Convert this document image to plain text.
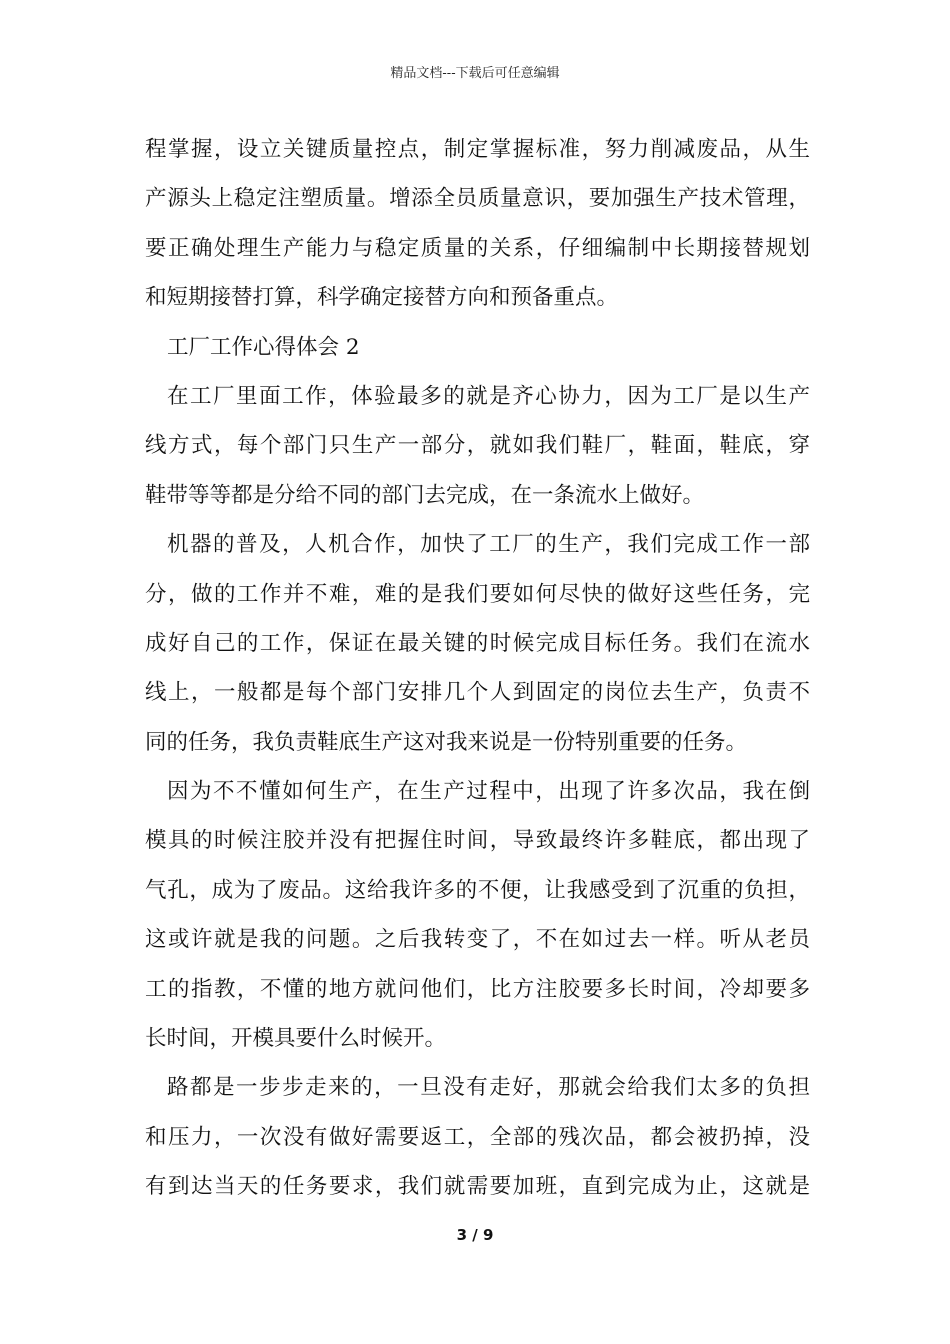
精品文档---下载后可任意编辑
程掌握，设立关键质量控点，制定掌握标准，努力削减废品，从生
产源头上稳定注塑质量。增添全员质量意识，要加强生产技术管理，
要正确处理生产能力与稳定质量的关系，仔细编制中长期接替规划
和短期接替打算，科学确定接替方向和预备重点。
工厂工作心得体会 2
在工厂里面工作，体验最多的就是齐心协力，因为工厂是以生产
线方式，每个部门只生产一部分，就如我们鞋厂，鞋面，鞋底，穿
鞋带等等都是分给不同的部门去完成，在一条流水上做好。
机器的普及，人机合作，加快了工厂的生产，我们完成工作一部
分，做的工作并不难，难的是我们要如何尽快的做好这些任务，完
成好自己的工作，保证在最关键的时候完成目标任务。我们在流水
线上，一般都是每个部门安排几个人到固定的岗位去生产，负责不
同的任务，我负责鞋底生产这对我来说是一份特别重要的任务。
因为不不懂如何生产，在生产过程中，出现了许多次品，我在倒
模具的时候注胶并没有把握住时间，导致最终许多鞋底，都出现了
气孔，成为了废品。这给我许多的不便，让我感受到了沉重的负担，
这或许就是我的问题。之后我转变了，不在如过去一样。听从老员
工的指教，不懂的地方就问他们，比方注胶要多长时间，冷却要多
长时间，开模具要什么时候开。
路都是一步步走来的，一旦没有走好，那就会给我们太多的负担
和压力，一次没有做好需要返工，全部的残次品，都会被扔掉，没
有到达当天的任务要求，我们就需要加班，直到完成为止，这就是
3 / 9
